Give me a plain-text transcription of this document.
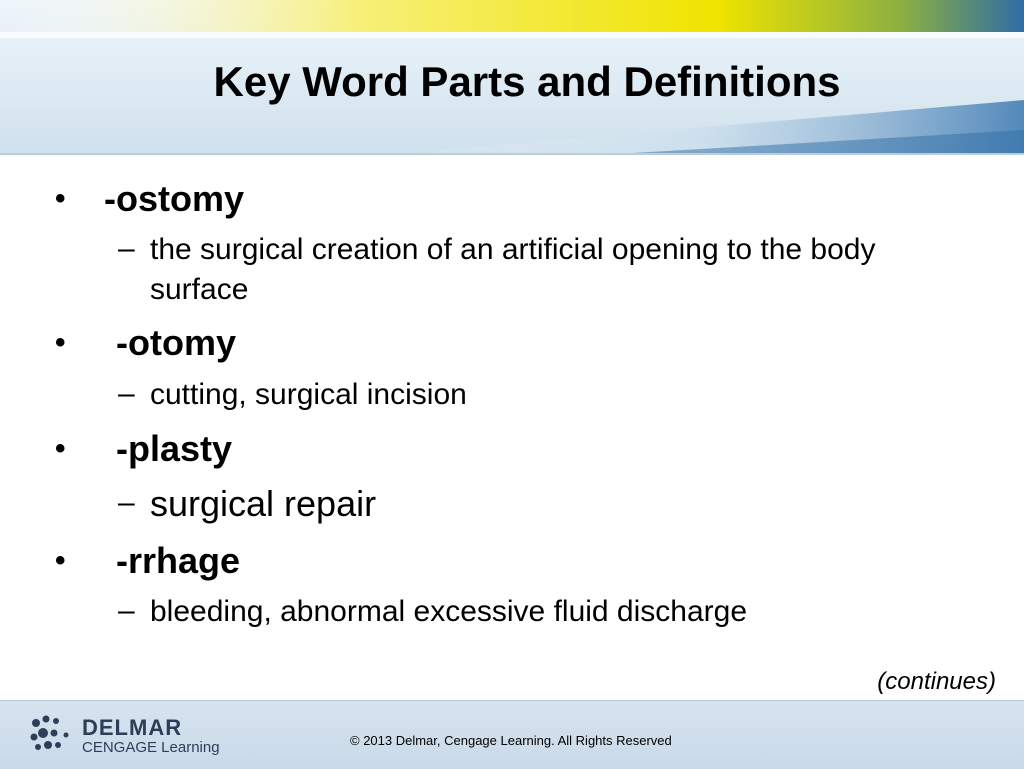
Key Word Parts and Definitions
• -ostomy
– the surgical creation of an artificial opening to the body surface
• -otomy
– cutting, surgical incision
• -plasty
– surgical repair
• -rrhage
– bleeding, abnormal excessive fluid discharge
(continues)
DELMAR
CENGAGE Learning	© 2013 Delmar, Cengage Learning. All Rights Reserved
